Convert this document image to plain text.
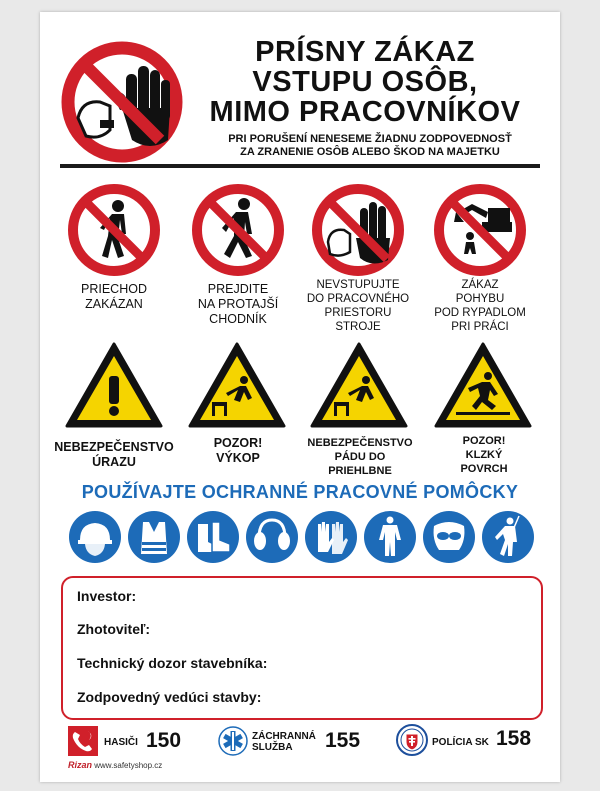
PRÍSNY ZÁKAZ
VSTUPU OSÔB,
MIMO PRACOVNÍKOV
PRI PORUŠENÍ NENESEME ŽIADNU ZODPOVEDNOSŤ
ZA ZRANENIE OSÔB ALEBO ŠKOD NA MAJETKU
PRIECHOD
ZAKÁZAN
PREJDITE
NA PROTAJŠÍ
CHODNÍK
NEVSTUPUJTE
DO PRACOVNÉHO
PRIESTORU
STROJE
ZÁKAZ
POHYBU
POD RYPADLOM
PRI PRÁCI
NEBEZPEČENSTVO
ÚRAZU
POZOR!
VÝKOP
NEBEZPEČENSTVO
PÁDU DO
PRIEHLBNE
POZOR!
KLZKÝ
POVRCH
POUŽÍVAJTE OCHRANNÉ PRACOVNÉ POMÔCKY
Investor:
Zhotoviteľ:
Technický dozor stavebníka:
Zodpovedný vedúci stavby:
HASIČI 150	ZÁCHRANNÁ
SLUŽBA	155	POLÍCIA SK 158
Rizan www.safetyshop.cz
